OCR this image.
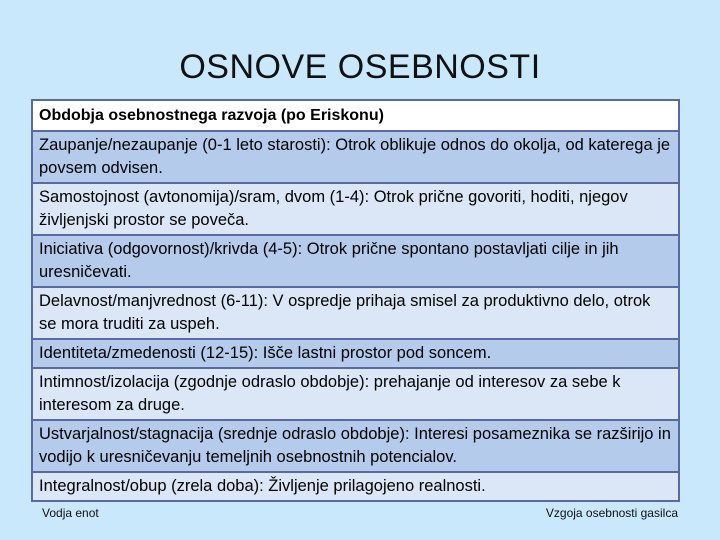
OSNOVE OSEBNOSTI
Obdobja osebnostnega razvoja (po Eriskonu)
Zaupanje/nezaupanje (0-1 leto starosti): Otrok oblikuje odnos do okolja, od katerega je povsem odvisen.
Samostojnost (avtonomija)/sram, dvom (1-4): Otrok prične govoriti, hoditi, njegov življenjski prostor se poveča.
Iniciativa (odgovornost)/krivda (4-5): Otrok prične spontano postavljati cilje in jih uresničevati.
Delavnost/manjvrednost (6-11): V ospredje prihaja smisel za produktivno delo, otrok se mora truditi za uspeh.
Identiteta/zmedenosti (12-15): Išče lastni prostor pod soncem.
Intimnost/izolacija (zgodnje odraslo obdobje): prehajanje od interesov za sebe k interesom za druge.
Ustvarjalnost/stagnacija (srednje odraslo obdobje): Interesi posameznika se razširijo in vodijo k uresničevanju temeljnih osebnostnih potencialov.
Integralnost/obup (zrela doba): Življenje prilagojeno realnosti.
Vodja enot	Vzgoja osebnosti gasilca
